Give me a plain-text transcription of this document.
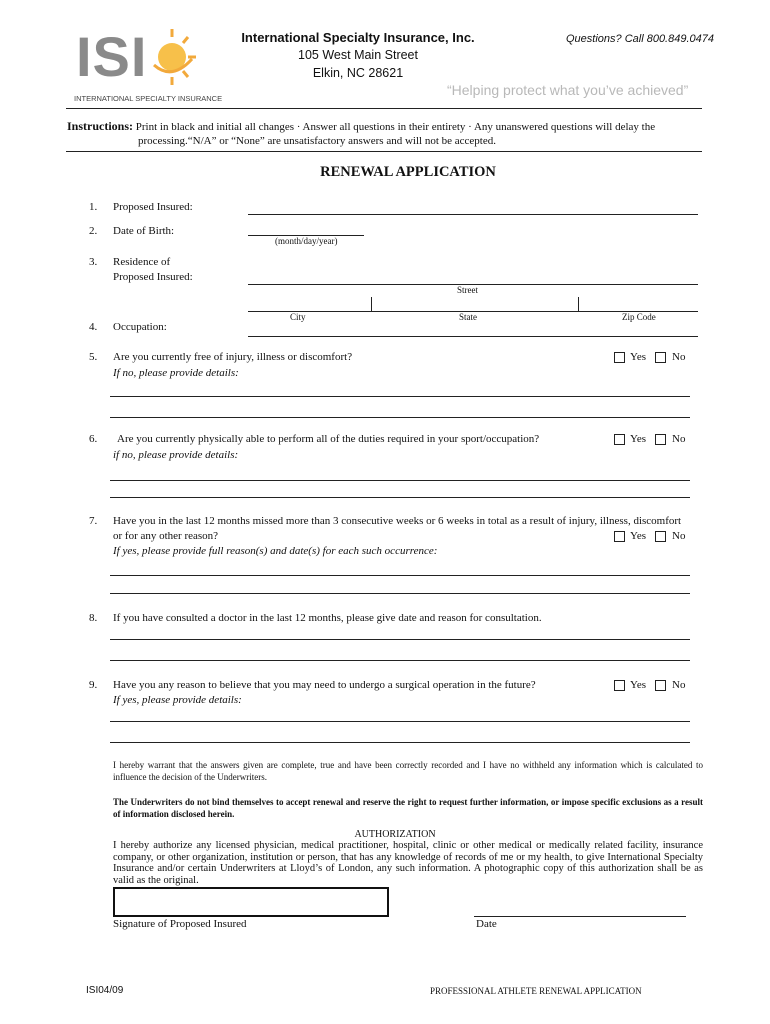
ISI
INTERNATIONAL SPECIALTY INSURANCE
International Specialty Insurance, Inc.
105 West Main Street
Elkin, NC 28621
Questions? Call 800.849.0474
“Helping protect what you’ve achieved”
Instructions: Print in black and initial all changes · Answer all questions in their entirety · Any unanswered questions will delay the
processing.“N/A” or “None” are unsatisfactory answers and will not be accepted.
RENEWAL APPLICATION
1. Proposed Insured:
2. Date of Birth:
(month/day/year)
3. Residence of
Proposed Insured:
Street
City	State	Zip Code
4. Occupation:
5. Are you currently free of injury, illness or discomfort?
If no, please provide details:
Yes No
6. Are you currently physically able to perform all of the duties required in your sport/occupation?
if no, please provide details:
Yes No
7. Have you in the last 12 months missed more than 3 consecutive weeks or 6 weeks in total as a result of injury, illness, discomfort
or for any other reason?
If yes, please provide full reason(s) and date(s) for each such occurrence:
Yes No
8. If you have consulted a doctor in the last 12 months, please give date and reason for consultation.
9. Have you any reason to believe that you may need to undergo a surgical operation in the future?
If yes, please provide details:
Yes No
I hereby warrant that the answers given are complete, true and have been correctly recorded and I have no withheld any information which is calculated to influence the decision of the Underwriters.
The Underwriters do not bind themselves to accept renewal and reserve the right to request further information, or impose specific exclusions as a result of information disclosed herein.
AUTHORIZATION
I hereby authorize any licensed physician, medical practitioner, hospital, clinic or other medical or medically related facility, insurance company, or other organization, institution or person, that has any knowledge of records of me or my health, to give International Specialty Insurance and/or certain Underwriters at Lloyd’s of London, any such information. A photographic copy of this authorization shall be as valid as the original.
Signature of Proposed Insured	Date
ISI04/09	PROFESSIONAL ATHLETE RENEWAL APPLICATION
